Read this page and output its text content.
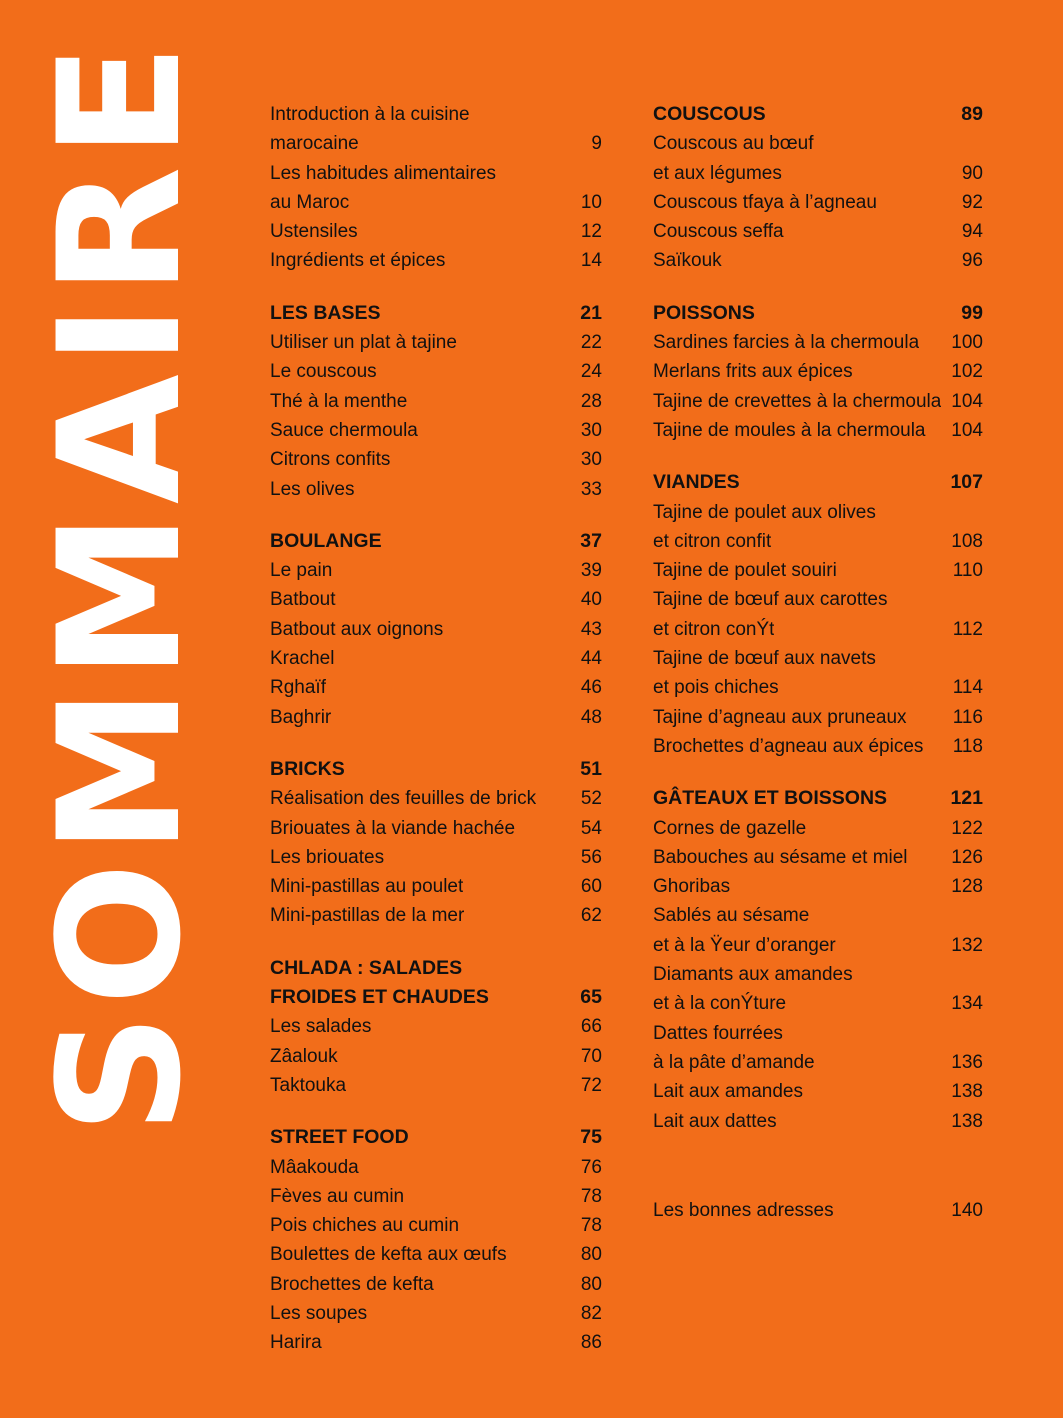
SOMMAIRE	Introduction à la cuisine
marocaine	9
Les habitudes alimentaires
au Maroc	10
Ustensiles	12
Ingrédients et épices	14
LES BASES	21
Utiliser un plat à tajine	22
Le couscous	24
Thé à la menthe	28
Sauce chermoula	30
Citrons confits	30
Les olives	33
BOULANGE	37
Le pain	39
Batbout	40
Batbout aux oignons	43
Krachel	44
Rghaïf	46
Baghrir	48
BRICKS	51
Réalisation des feuilles de brick	52
Briouates à la viande hachée	54
Les briouates	56
Mini-pastillas au poulet	60
Mini-pastillas de la mer	62
CHLADA : SALADES
FROIDES ET CHAUDES	65
Les salades	66
Zâalouk	70
Taktouka	72
STREET FOOD	75
Mâakouda	76
Fèves au cumin	78
Pois chiches au cumin	78
Boulettes de kefta aux œufs	80
Brochettes de kefta	80
Les soupes	82
Harira	86
COUSCOUS	89
Couscous au bœuf
et aux légumes	90
Couscous tfaya à l’agneau	92
Couscous seffa	94
Saïkouk	96
POISSONS	99
Sardines farcies à la chermoula	100
Merlans frits aux épices	102
Tajine de crevettes à la chermoula 104
Tajine de moules à la chermoula	104
VIANDES	107
Tajine de poulet aux olives
et citron confit	108
Tajine de poulet souiri	110
Tajine de bœuf aux carottes
et citron conÝt	112
Tajine de bœuf aux navets
et pois chiches	114
Tajine d’agneau aux pruneaux	116
Brochettes d’agneau aux épices	118
GÂTEAUX ET BOISSONS	121
Cornes de gazelle	122
Babouches au sésame et miel	126
Ghoribas	128
Sablés au sésame
et à la Ÿeur d’oranger	132
Diamants aux amandes
et à la conÝture	134
Dattes fourrées
à la pâte d’amande	136
Lait aux amandes	138
Lait aux dattes	138
Les bonnes adresses	140
